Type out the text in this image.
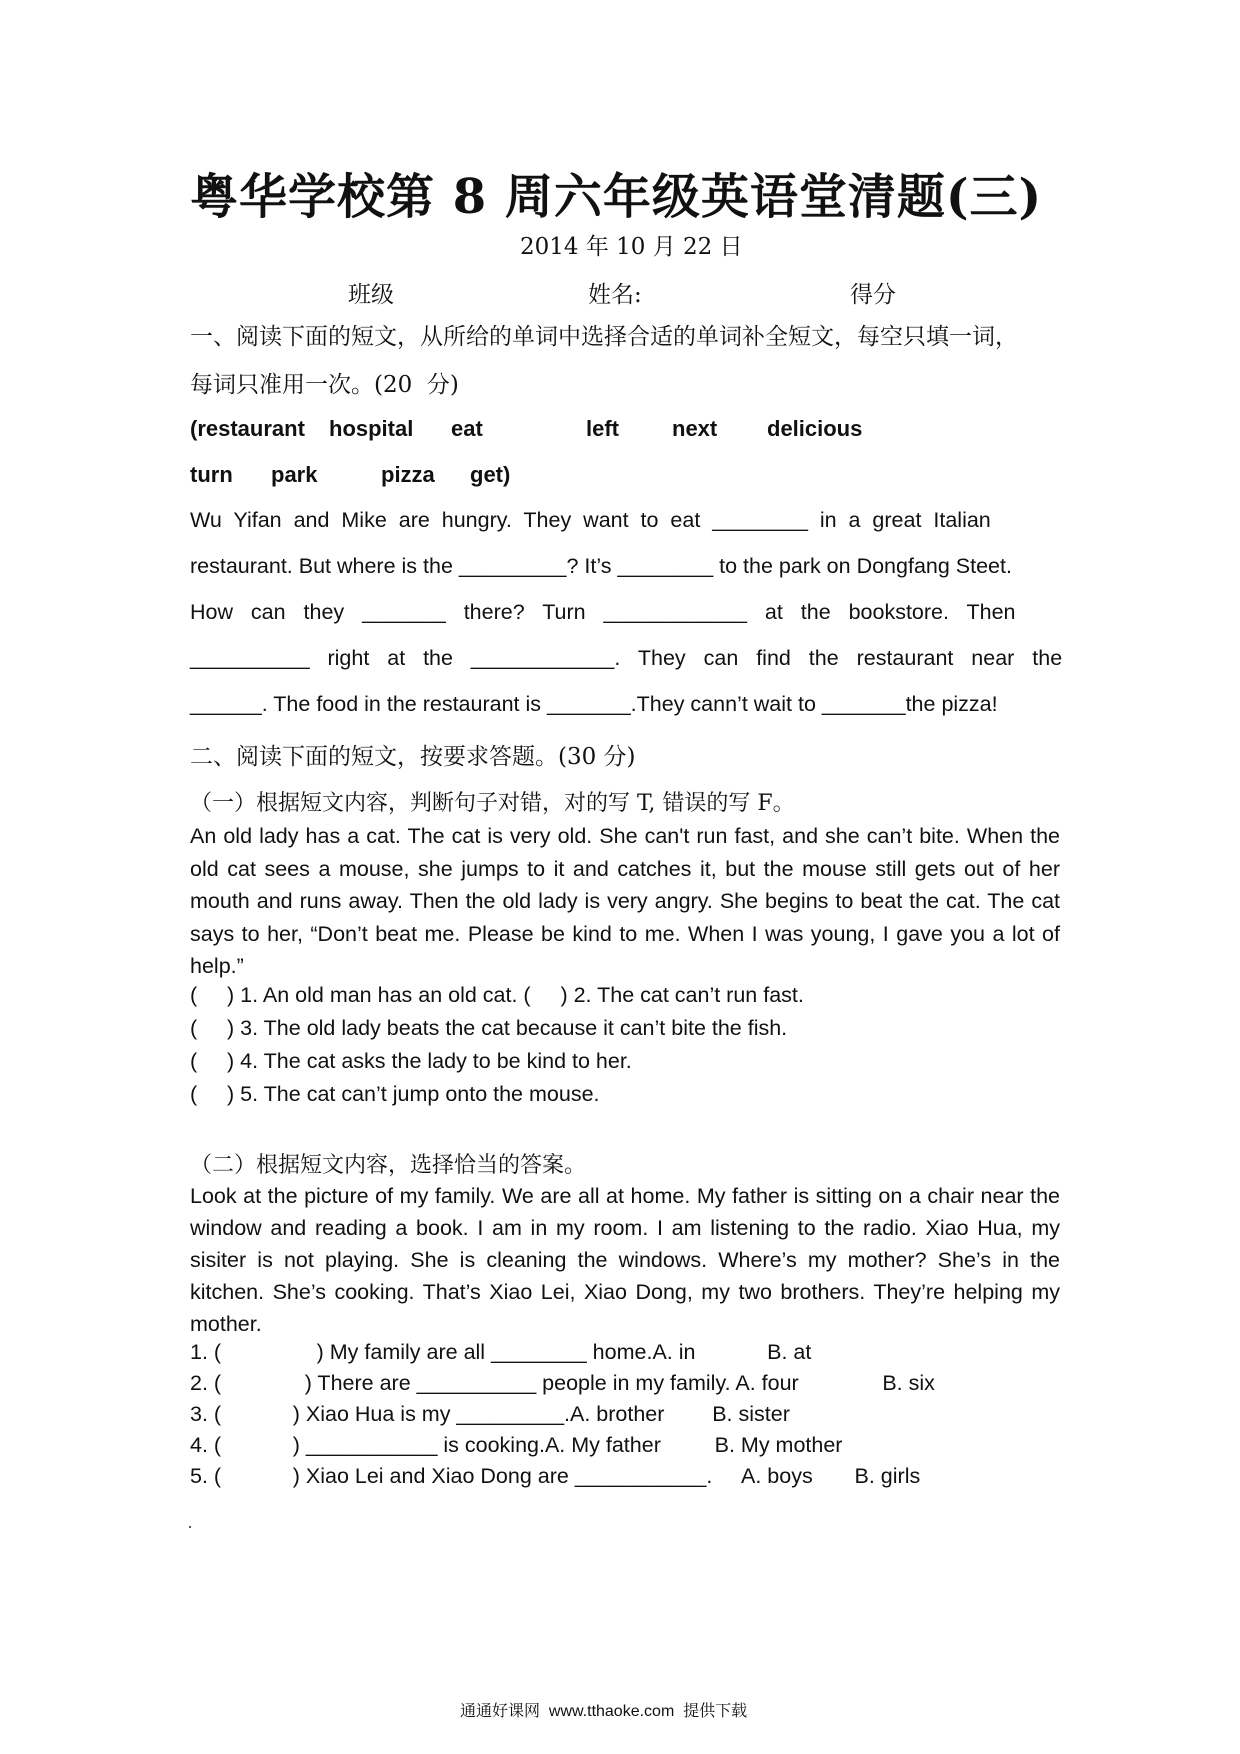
粤华学校第 8 周六年级英语堂清题(三)
2014 年 10 月 22 日
班级	姓名:	得分
一、阅读下面的短文，从所给的单词中选择合适的单词补全短文，每空只填一词，
每词只准用一次。(20  分)
(restaurant hospital eat	left next delicious
turn park	pizza get)
Wu  Yifan  and  Mike  are  hungry.  They  want  to  eat  ________  in  a  great  Italian
restaurant. But where is the _________? It’s ________ to the park on Dongfang Steet.
How   can   they   _______   there?   Turn   ____________   at   the   bookstore.   Then
__________   right   at   the   ____________.   They   can   find   the   restaurant   near   the
______. The food in the restaurant is _______.They cann’t wait to _______the pizza!
二、阅读下面的短文，按要求答题。(30 分)
（一）根据短文内容，判断句子对错，对的写 T, 错误的写 F。
An old lady has a cat. The cat is very old. She can't run fast, and she can’t bite. When the old cat sees a mouse, she jumps to it and catches it, but the mouse still gets out of her mouth and runs away. Then the old lady is very angry. She begins to beat the cat. The cat says to her, “Don’t beat me. Please be kind to me. When I was young, I gave you a lot of help.”
(     ) 1. An old man has an old cat. (     ) 2. The cat can’t run fast.
(     ) 3. The old lady beats the cat because it can’t bite the fish.
(     ) 4. The cat asks the lady to be kind to her.
(     ) 5. The cat can’t jump onto the mouse.
（二）根据短文内容，选择恰当的答案。
Look at the picture of my family. We are all at home. My father is sitting on a chair near the window and reading a book. I am in my room. I am listening to the radio. Xiao Hua, my sisiter is not playing. She is cleaning the windows. Where’s my mother? She’s in the kitchen. She’s cooking. That’s Xiao Lei, Xiao Dong, my two brothers. They’re helping my mother.
1. (                ) My family are all ________ home.A. in            B. at
2. (              ) There are __________ people in my family. A. four              B. six
3. (            ) Xiao Hua is my _________.A. brother        B. sister
4. (            ) ___________ is cooking.A. My father         B. My mother
5. (            ) Xiao Lei and Xiao Dong are ___________.     A. boys       B. girls
通通好课网  www.tthaoke.com  提供下载
